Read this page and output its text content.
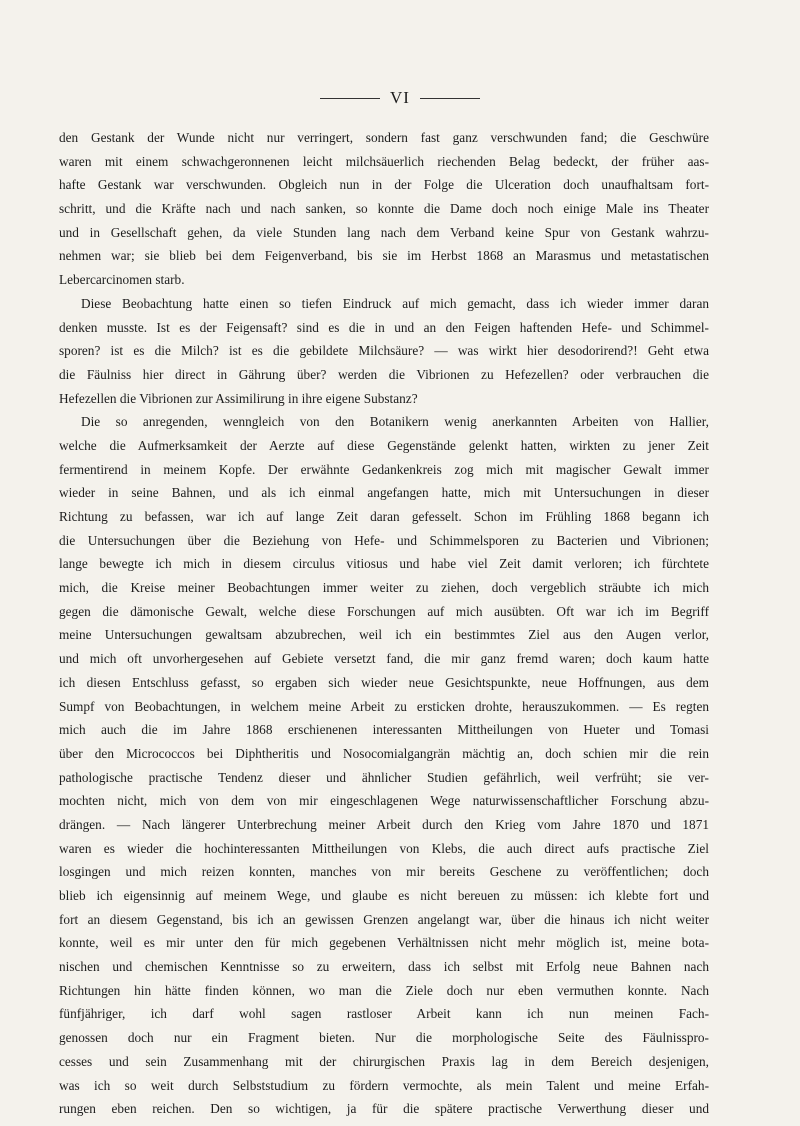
VI
den Gestank der Wunde nicht nur verringert, sondern fast ganz verschwunden fand; die Geschwüre
waren mit einem schwachgeronnenen leicht milchsäuerlich riechenden Belag bedeckt, der früher aas-
hafte Gestank war verschwunden. Obgleich nun in der Folge die Ulceration doch unaufhaltsam fort-
schritt, und die Kräfte nach und nach sanken, so konnte die Dame doch noch einige Male ins Theater
und in Gesellschaft gehen, da viele Stunden lang nach dem Verband keine Spur von Gestank wahrzu-
nehmen war; sie blieb bei dem Feigenverband, bis sie im Herbst 1868 an Marasmus und metastatischen
Lebercarcinomen starb.
Diese Beobachtung hatte einen so tiefen Eindruck auf mich gemacht, dass ich wieder immer daran
denken musste. Ist es der Feigensaft? sind es die in und an den Feigen haftenden Hefe- und Schimmel-
sporen? ist es die Milch? ist es die gebildete Milchsäure? — was wirkt hier desodorirend?! Geht etwa
die Fäulniss hier direct in Gährung über? werden die Vibrionen zu Hefezellen? oder verbrauchen die
Hefezellen die Vibrionen zur Assimilirung in ihre eigene Substanz?
Die so anregenden, wenngleich von den Botanikern wenig anerkannten Arbeiten von Hallier,
welche die Aufmerksamkeit der Aerzte auf diese Gegenstände gelenkt hatten, wirkten zu jener Zeit
fermentirend in meinem Kopfe. Der erwähnte Gedankenkreis zog mich mit magischer Gewalt immer
wieder in seine Bahnen, und als ich einmal angefangen hatte, mich mit Untersuchungen in dieser
Richtung zu befassen, war ich auf lange Zeit daran gefesselt. Schon im Frühling 1868 begann ich
die Untersuchungen über die Beziehung von Hefe- und Schimmelsporen zu Bacterien und Vibrionen;
lange bewegte ich mich in diesem circulus vitiosus und habe viel Zeit damit verloren; ich fürchtete
mich, die Kreise meiner Beobachtungen immer weiter zu ziehen, doch vergeblich sträubte ich mich
gegen die dämonische Gewalt, welche diese Forschungen auf mich ausübten. Oft war ich im Begriff
meine Untersuchungen gewaltsam abzubrechen, weil ich ein bestimmtes Ziel aus den Augen verlor,
und mich oft unvorhergesehen auf Gebiete versetzt fand, die mir ganz fremd waren; doch kaum hatte
ich diesen Entschluss gefasst, so ergaben sich wieder neue Gesichtspunkte, neue Hoffnungen, aus dem
Sumpf von Beobachtungen, in welchem meine Arbeit zu ersticken drohte, herauszukommen. — Es regten
mich auch die im Jahre 1868 erschienenen interessanten Mittheilungen von Hueter und Tomasi
über den Micrococcos bei Diphtheritis und Nosocomialgangrän mächtig an, doch schien mir die rein
pathologische practische Tendenz dieser und ähnlicher Studien gefährlich, weil verfrüht; sie ver-
mochten nicht, mich von dem von mir eingeschlagenen Wege naturwissenschaftlicher Forschung abzu-
drängen. — Nach längerer Unterbrechung meiner Arbeit durch den Krieg vom Jahre 1870 und 1871
waren es wieder die hochinteressanten Mittheilungen von Klebs, die auch direct aufs practische Ziel
losgingen und mich reizen konnten, manches von mir bereits Geschene zu veröffentlichen; doch
blieb ich eigensinnig auf meinem Wege, und glaube es nicht bereuen zu müssen: ich klebte fort und
fort an diesem Gegenstand, bis ich an gewissen Grenzen angelangt war, über die hinaus ich nicht weiter
konnte, weil es mir unter den für mich gegebenen Verhältnissen nicht mehr möglich ist, meine bota-
nischen und chemischen Kenntnisse so zu erweitern, dass ich selbst mit Erfolg neue Bahnen nach
Richtungen hin hätte finden können, wo man die Ziele doch nur eben vermuthen konnte. Nach
fünfjähriger, ich darf wohl sagen rastloser Arbeit kann ich nun meinen Fach-
genossen doch nur ein Fragment bieten. Nur die morphologische Seite des Fäulnisspro-
cesses und sein Zusammenhang mit der chirurgischen Praxis lag in dem Bereich desjenigen,
was ich so weit durch Selbststudium zu fördern vermochte, als mein Talent und meine Erfah-
rungen eben reichen. Den so wichtigen, ja für die spätere practische Verwerthung dieser und
